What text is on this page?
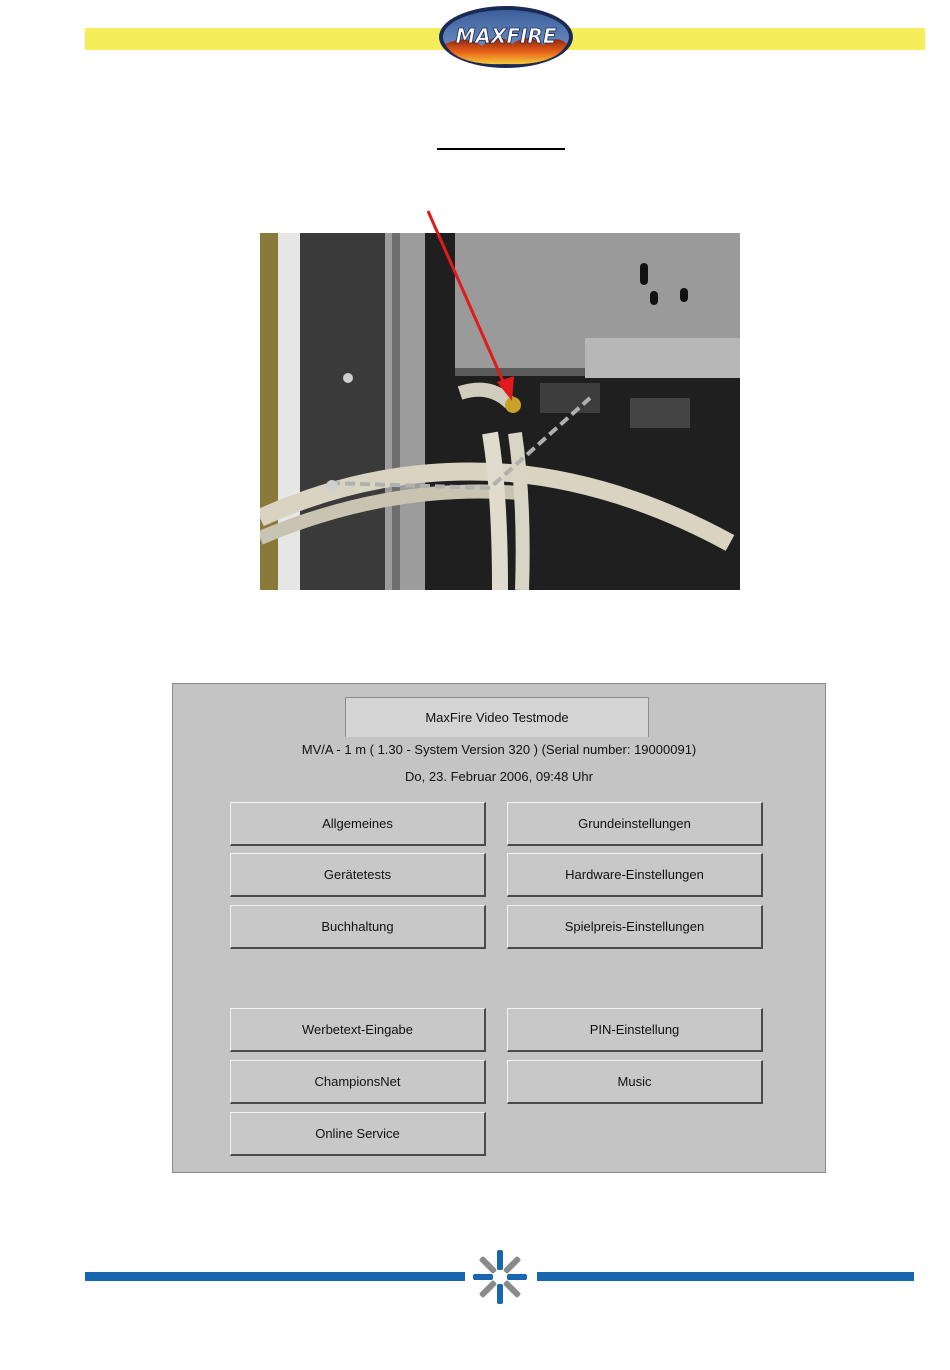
MAXFIRE
MaxFire Video Testmode
MV/A - 1 m ( 1.30 - System Version 320 ) (Serial number: 19000091)
Do, 23. Februar 2006, 09:48 Uhr
Allgemeines	Grundeinstellungen
Gerätetests	Hardware-Einstellungen
Buchhaltung	Spielpreis-Einstellungen
Werbetext-Eingabe	PIN-Einstellung
ChampionsNet	Music
Online Service
